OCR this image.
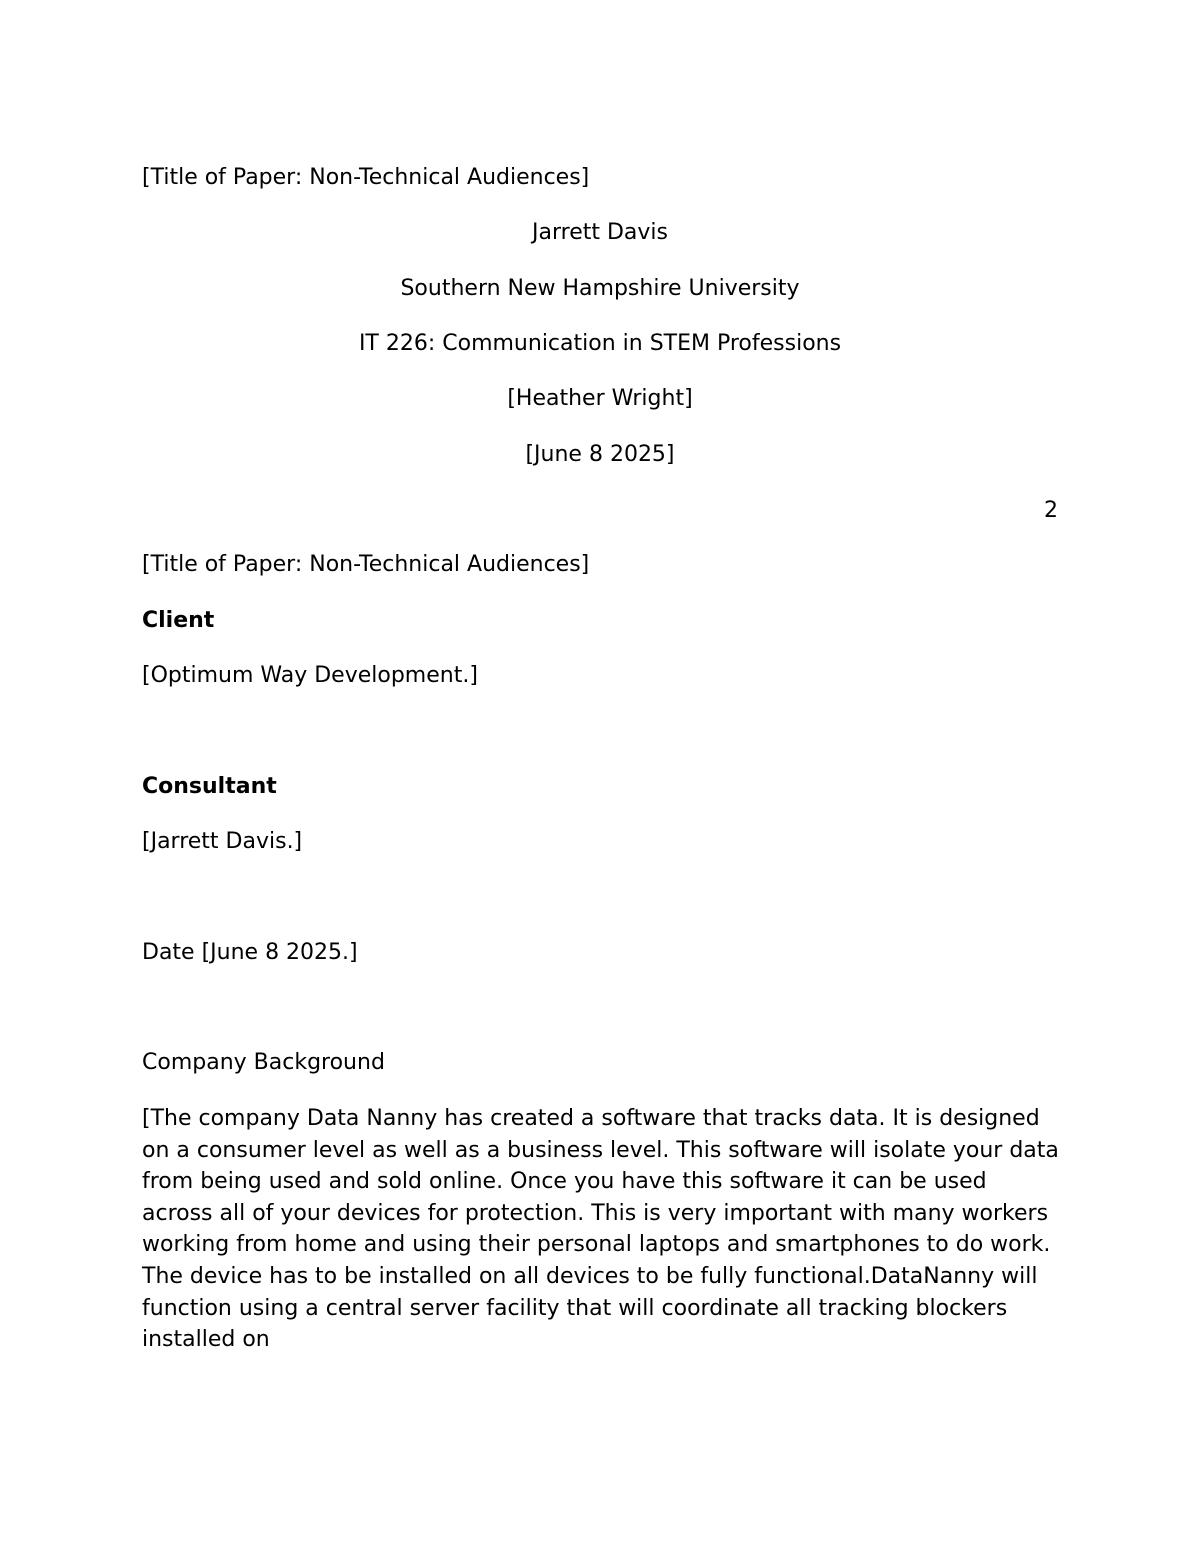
[Title of Paper: Non-Technical Audiences]
Jarrett Davis
Southern New Hampshire University
IT 226: Communication in STEM Professions
[Heather Wright]
[June 8 2025]
2
[Title of Paper: Non-Technical Audiences]
Client
[Optimum Way Development.]
Consultant
[Jarrett Davis.]
Date [June 8 2025.]
Company Background
[The company Data Nanny has created a software that tracks data. It is designed on a consumer level as well as a business level. This software will isolate your data from being used and sold online. Once you have this software it can be used across all of your devices for protection. This is very important with many workers working from home and using their personal laptops and smartphones to do work. The device has to be installed on all devices to be fully functional.DataNanny will function using a central server facility that will coordinate all tracking blockers installed on
